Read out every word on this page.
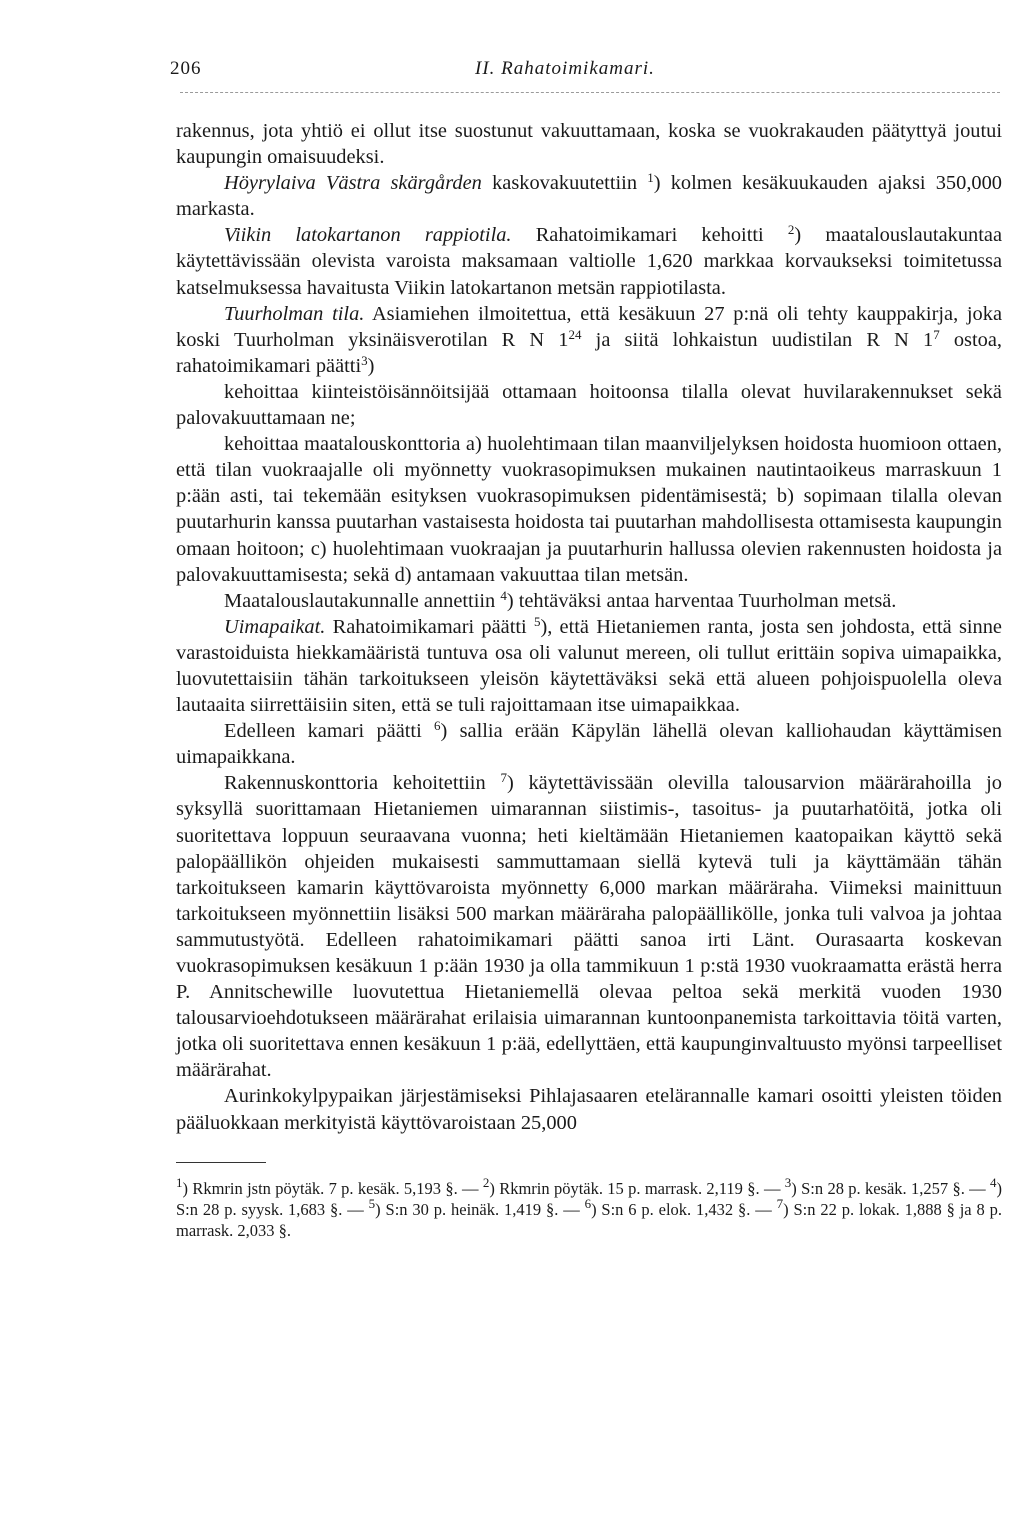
206	II. Rahatoimikamari.

rakennus, jota yhtiö ei ollut itse suostunut vakuuttamaan, koska se vuokrakauden päätyttyä joutui kaupungin omaisuudeksi.

Höyrylaiva Västra skärgården kaskovakuutettiin $^1$) kolmen kesäkuukauden ajaksi 350,000 markasta.

Viikin latokartanon rappiotila. Rahatoimikamari kehoitti $^2$) maatalouslautakuntaa käytettävissään olevista varoista maksamaan valtiolle 1,620 markkaa korvaukseksi toimitetussa katselmuksessa havaitusta Viikin latokartanon metsän rappiotilasta.

Tuurholman tila. Asiamiehen ilmoitettua, että kesäkuun 27 p:nä oli tehty kauppakirja, joka koski Tuurholman yksinäisverotilan R N $1^{24}$ ja siitä lohkaistun uudistilan R N $1^7$ ostoa, rahatoimikamari päätti$^3$)

kehoittaa kiinteistöisännöitsijää ottamaan hoitoonsa tilalla olevat huvilarakennukset sekä palovakuuttamaan ne;

kehoittaa maatalouskonttoria a) huolehtimaan tilan maanviljelyksen hoidosta huomioon ottaen, että tilan vuokraajalle oli myönnetty vuokrasopimuksen mukainen nautintaoikeus marraskuun 1 p:ään asti, tai tekemään esityksen vuokrasopimuksen pidentämisestä; b) sopimaan tilalla olevan puutarhurin kanssa puutarhan vastaisesta hoidosta tai puutarhan mahdollisesta ottamisesta kaupungin omaan hoitoon; c) huolehtimaan vuokraajan ja puutarhurin hallussa olevien rakennusten hoidosta ja palovakuuttamisesta; sekä d) antamaan vakuuttaa tilan metsän.

Maatalouslautakunnalle annettiin $^4$) tehtäväksi antaa harventaa Tuurholman metsä.

Uimapaikat. Rahatoimikamari päätti $^5$), että Hietaniemen ranta, josta sen johdosta, että sinne varastoiduista hiekkamääristä tuntuva osa oli valunut mereen, oli tullut erittäin sopiva uimapaikka, luovutettaisiin tähän tarkoitukseen yleisön käytettäväksi sekä että alueen pohjoispuolella oleva lautaaita siirrettäisiin siten, että se tuli rajoittamaan itse uimapaikkaa.

Edelleen kamari päätti $^6$) sallia erään Käpylän lähellä olevan kalliohaudan käyttämisen uimapaikkana.

Rakennuskonttoria kehoitettiin $^7$) käytettävissään olevilla talousarvion määrärahoilla jo syksyllä suorittamaan Hietaniemen uimarannan siistimis-, tasoitus- ja puutarhatöitä, jotka oli suoritettava loppuun seuraavana vuonna; heti kieltämään Hietaniemen kaatopaikan käyttö sekä palopäällikön ohjeiden mukaisesti sammuttamaan siellä kytevä tuli ja käyttämään tähän tarkoitukseen kamarin käyttövaroista myönnetty 6,000 markan määräraha. Viimeksi mainittuun tarkoitukseen myönnettiin lisäksi 500 markan määräraha palopäällikölle, jonka tuli valvoa ja johtaa sammutustyötä. Edelleen rahatoimikamari päätti sanoa irti Länt. Ourasaarta koskevan vuokrasopimuksen kesäkuun 1 p:ään 1930 ja olla tammikuun 1 p:stä 1930 vuokraamatta erästä herra P. Annitschewille luovutettua Hietaniemellä olevaa peltoa sekä merkitä vuoden 1930 talousarvioehdotukseen määrärahat erilaisia uimarannan kuntoonpanemista tarkoittavia töitä varten, jotka oli suoritettava ennen kesäkuun 1 p:ää, edellyttäen, että kaupunginvaltuusto myönsi tarpeelliset määrärahat.

Aurinkokylpypaikan järjestämiseksi Pihlajasaaren etelärannalle kamari osoitti yleisten töiden pääluokkaan merkityistä käyttövaroistaan 25,000

$^1$) Rkmrin jstn pöytäk. 7 p. kesäk. 5,193 §. — $^2$) Rkmrin pöytäk. 15 p. marrask. 2,119 §. — $^3$) S:n 28 p. kesäk. 1,257 §. — $^4$) S:n 28 p. syysk. 1,683 §. — $^5$) S:n 30 p. heinäk. 1,419 §. — $^6$) S:n 6 p. elok. 1,432 §. — $^7$) S:n 22 p. lokak. 1,888 § ja 8 p. marrask. 2,033 §.
